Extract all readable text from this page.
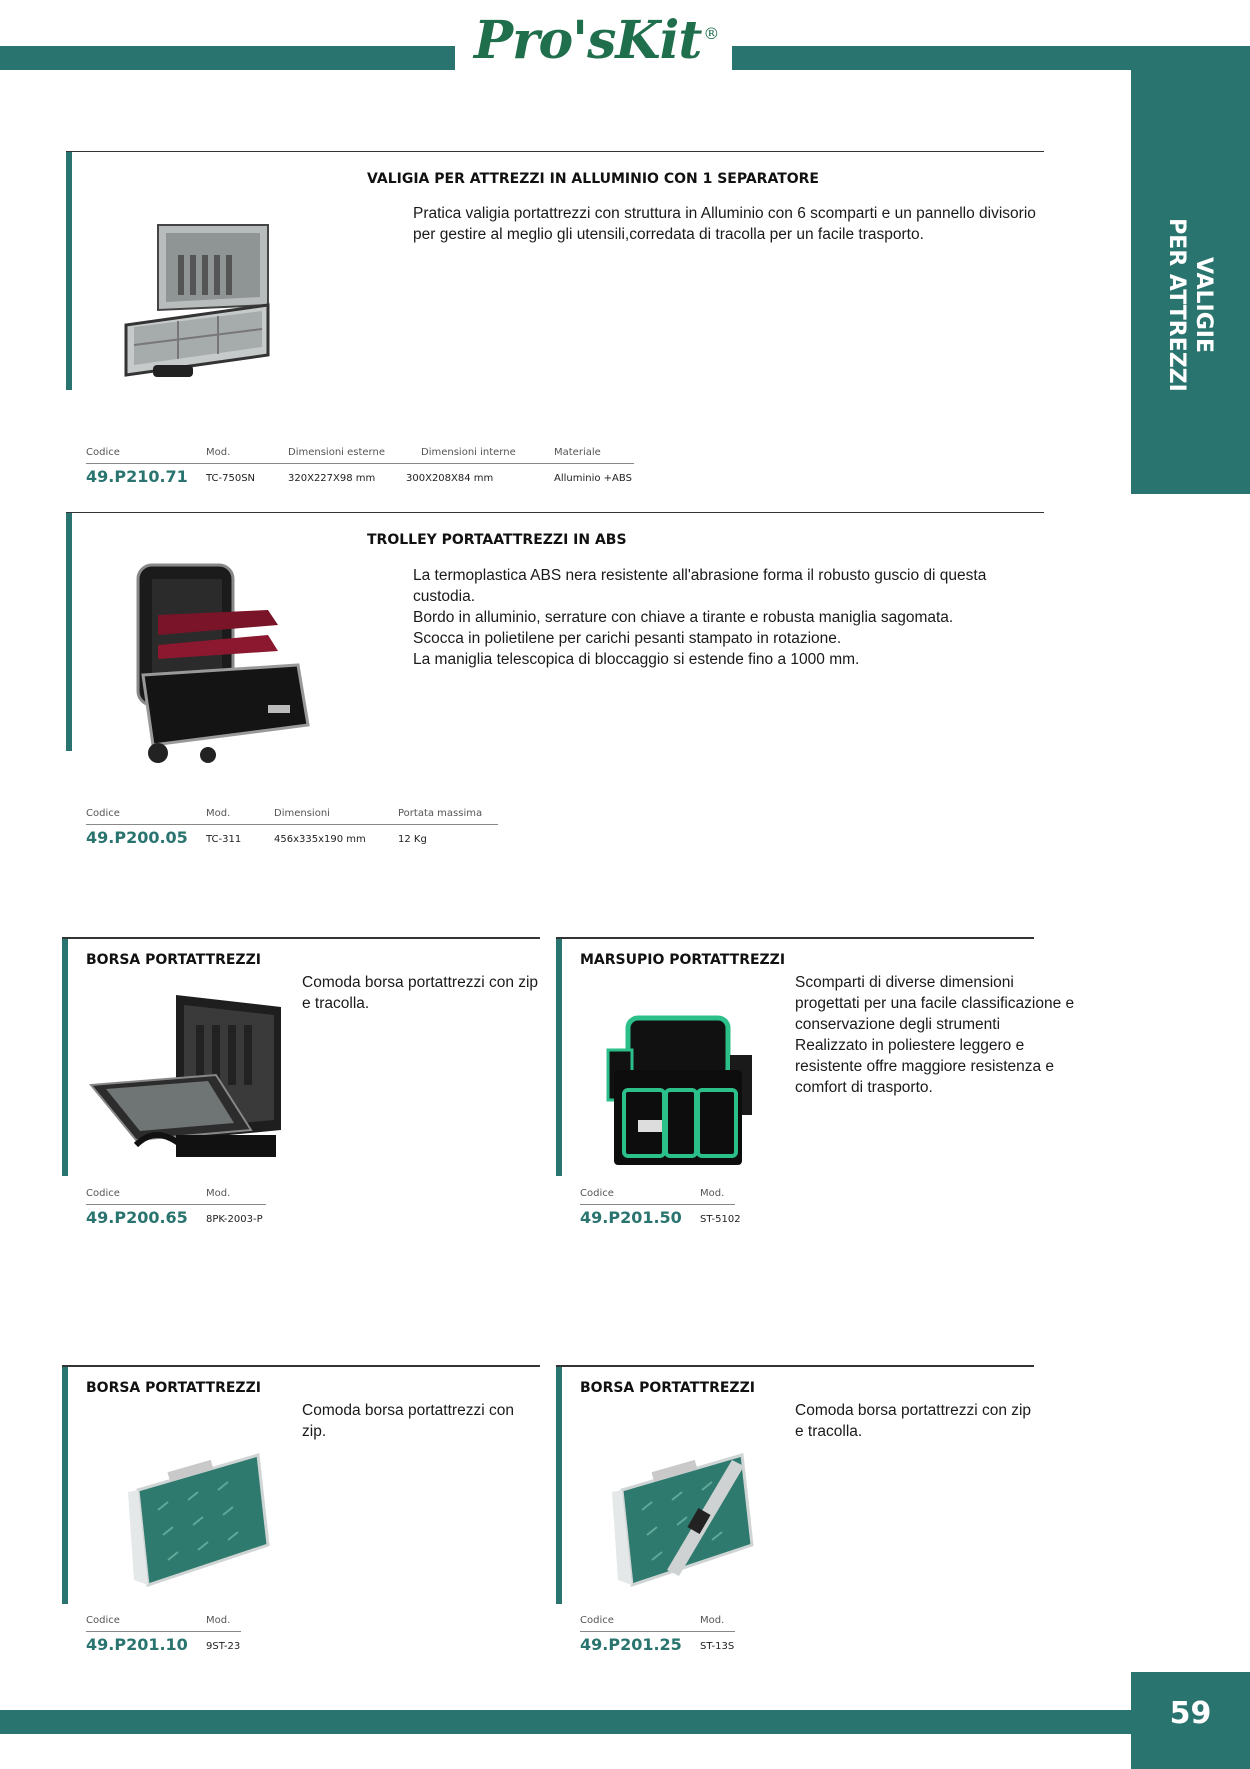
Pro'sKit ®
VALIGIE
PER ATTREZZI
VALIGIA PER ATTREZZI IN ALLUMINIO CON 1 SEPARATORE

Pratica valigia portattrezzi con struttura in Alluminio con 6 scomparti e un pannello divisorio per gestire al meglio gli utensili,corredata di tracolla per un facile trasporto.

Codice	Mod.	Dimensioni esterne	Dimensioni interne	Materiale
49.P210.71 TC-750SN	320X227X98 mm	300X208X84 mm	Alluminio +ABS
TROLLEY PORTAATTREZZI IN ABS

La termoplastica ABS nera resistente all'abrasione forma il robusto guscio di questa custodia.

Bordo in alluminio, serrature con chiave a tirante e robusta maniglia sagomata.

Scocca in polietilene per carichi pesanti stampato in rotazione.

La maniglia telescopica di bloccaggio si estende fino a 1000 mm.

Codice	Mod.	Dimensioni	Portata massima
49.P200.05 TC-311	456x335x190 mm	12 Kg
BORSA PORTATTREZZI

Comoda borsa portattrezzi con zip e tracolla.

Codice	Mod.
49.P200.65 8PK-2003-P
MARSUPIO PORTATTREZZI

Scomparti di diverse dimensioni progettati per una facile classificazione e conservazione degli strumenti Realizzato in poliestere leggero e resistente offre maggiore resistenza e comfort di trasporto.

Codice	Mod.
49.P201.50 ST-5102
BORSA PORTATTREZZI

Comoda borsa portattrezzi con zip.

Codice	Mod.
49.P201.10 9ST-23
BORSA PORTATTREZZI

Comoda borsa portattrezzi con zip e tracolla.

Codice	Mod.
49.P201.25 ST-13S
59
